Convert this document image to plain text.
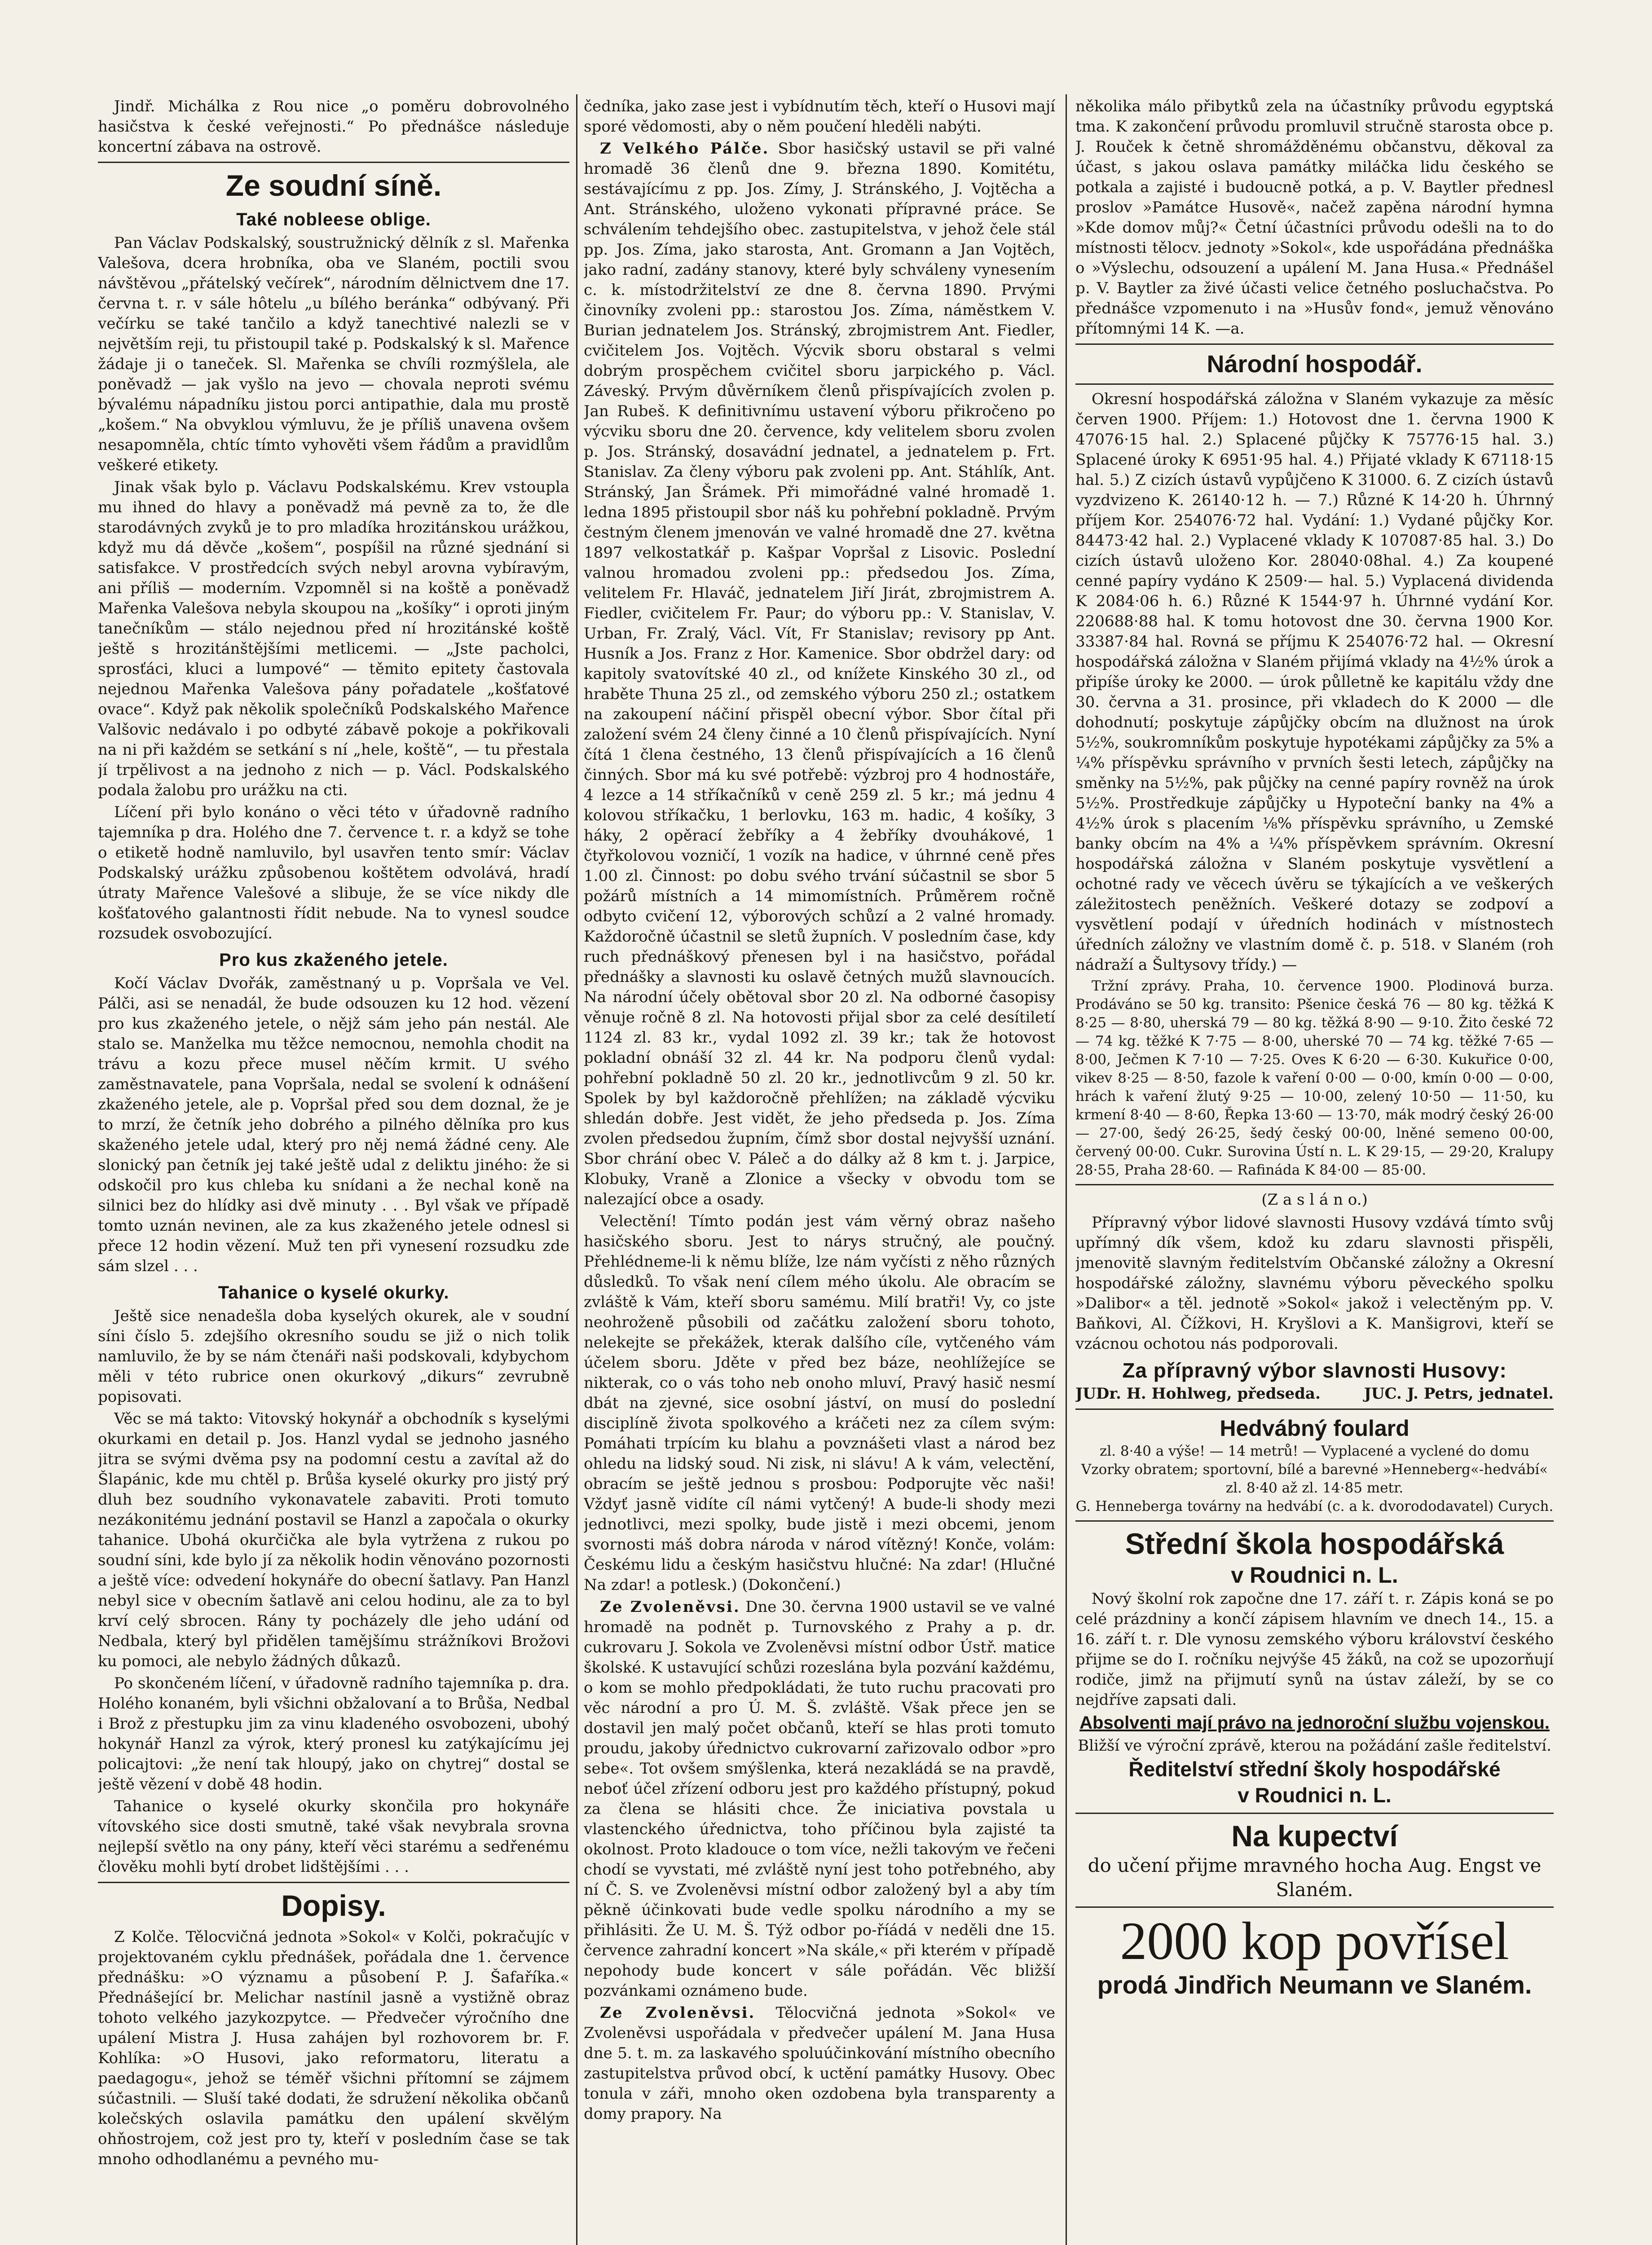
Jindř. Michálka z Rou nice „o poměru dobrovolného hasičstva k české veřejnosti.“ Po přednášce následuje koncertní zábava na ostrově.

Ze soudní síně.
Také nobleese oblige.

Pan Václav Podskalský, soustružnický dělník z sl. Mařenka Valešova, dcera hrobníka, oba ve Slaném, poctili svou návštěvou „přátelský večírek“, národním dělnictvem dne 17. června t. r. v sále hôtelu „u bílého beránka“ odbývaný. Při večírku se také tančilo a když tanechtivé nalezli se v největším reji, tu přistoupil také p. Podskalský k sl. Mařence žádaje ji o taneček. Sl. Mařenka se chvíli rozmýšlela, ale poněvadž — jak vyšlo na jevo — chovala neproti svému bývalému nápadníku jistou porci antipathie, dala mu prostě „košem.“ Na obvyklou výmluvu, že je příliš unavena ovšem nesapomněla, chtíc tímto vyhověti všem řádům a pravidlům veškeré etikety.

Jinak však bylo p. Václavu Podskalskému. Krev vstoupla mu ihned do hlavy a poněvadž má pevně za to, že dle starodávných zvyků je to pro mladíka hrozitánskou urážkou, když mu dá děvče „košem“, pospíšil na různé sjednání si satisfakce. V prostředcích svých nebyl arovna vybíravým, ani příliš — moderním. Vzpomněl si na koště a poněvadž Mařenka Valešova nebyla skoupou na „košíky“ i oproti jiným tanečníkům — stálo nejednou před ní hrozitánské koště ještě s hrozitánštějšími metlicemi. — „Jste pacholci, sprosťáci, kluci a lumpové“ — těmito epitety častovala nejednou Mařenka Valešova pány pořadatele „košťatové ovace“. Když pak několik společníků Podskalského Mařence Valšovic nedávalo i po odbyté zábavě pokoje a pokřikovali na ni při každém se setkání s ní „hele, koště“, — tu přestala jí trpělivost a na jednoho z nich — p. Václ. Podskalského podala žalobu pro urážku na cti.

Líčení při bylo konáno o věci této v úřadovně radního tajemníka p dra. Holého dne 7. července t. r. a když se tohe o etiketě hodně namluvilo, byl usavřen tento smír: Václav Podskalský urážku způsobenou koštětem odvolává, hradí útraty Mařence Valešové a slibuje, že se více nikdy dle košťatového galantnosti řídit nebude. Na to vynesl soudce rozsudek osvobozující.

Pro kus zkaženého jetele.

Kočí Václav Dvořák, zaměstnaný u p. Vopršala ve Vel. Pálči, asi se nenadál, že bude odsouzen ku 12 hod. vězení pro kus zkaženého jetele, o nějž sám jeho pán nestál. Ale stalo se. Manželka mu těžce nemocnou, nemohla chodit na trávu a kozu přece musel něčím krmit. U svého zaměstnavatele, pana Vopršala, nedal se svolení k odnášení zkaženého jetele, ale p. Vopršal před sou dem doznal, že je to mrzí, že četník jeho dobrého a pilného dělníka pro kus skaženého jetele udal, který pro něj nemá žádné ceny. Ale slonický pan četník jej také ještě udal z deliktu jiného: že si odskočil pro kus chleba ku snídani a že nechal koně na silnici bez do hlídky asi dvě minuty . . . Byl však ve případě tomto uznán nevinen, ale za kus zkaženého jetele odnesl si přece 12 hodin vězení. Muž ten při vynesení rozsudku zde sám slzel . . .

Tahanice o kyselé okurky.

Ještě sice nenadešla doba kyselých okurek, ale v soudní síni číslo 5. zdejšího okresního soudu se již o nich tolik namluvilo, že by se nám čtenáři naši podskovali, kdybychom měli v této rubrice onen okurkový „dikurs“ zevrubně popisovati.

Věc se má takto: Vitovský hokynář a obchodník s kyselými okurkami en detail p. Jos. Hanzl vydal se jednoho jasného jitra se svými dvěma psy na podomní cestu a zavítal až do Šlapánic, kde mu chtěl p. Brůša kyselé okurky pro jistý prý dluh bez soudního vykonavatele zabaviti. Proti tomuto nezákonitému jednání postavil se Hanzl a započala o okurky tahanice. Ubohá okurčička ale byla vytržena z rukou po soudní síni, kde bylo jí za několik hodin věnováno pozornosti a ještě více: odvedení hokynáře do obecní šatlavy. Pan Hanzl nebyl sice v obecním šatlavě ani celou hodinu, ale za to byl krví celý sbrocen. Rány ty pocházely dle jeho udání od Nedbala, který byl přidělen tamějšímu strážníkovi Brožovi ku pomoci, ale nebylo žádných důkazů.

Po skončeném líčení, v úřadovně radního tajemníka p. dra. Holého konaném, byli všichni obžalovaní a to Brůša, Nedbal i Brož z přestupku jim za vinu kladeného osvobozeni, ubohý hokynář Hanzl za výrok, který pronesl ku zatýkajícímu jej policajtovi: „že není tak hloupý, jako on chytrej“ dostal se ještě vězení v době 48 hodin.

Tahanice o kyselé okurky skončila pro hokynáře vítovského sice dosti smutně, také však nevybrala srovna nejlepší světlo na ony pány, kteří věci starému a sedřenému člověku mohli bytí drobet lidštějšími . . .

Dopisy.

Z Kolče. Tělocvičná jednota »Sokol« v Kolči, pokračujíc v projektovaném cyklu přednášek, pořádala dne 1. července přednášku: »O významu a působení P. J. Šafaříka.« Přednášející br. Melichar nastínil jasně a vystižně obraz tohoto velkého jazykozpytce. — Předvečer výročního dne upálení Mistra J. Husa zahájen byl rozhovorem br. F. Kohlíka: »O Husovi, jako reformatoru, literatu a paedagogu«, jehož se téměř všichni přítomní se zájmem súčastnili. — Sluší také dodati, že sdružení několika občanů kolečských oslavila památku den upálení skvělým ohňostrojem, což jest pro ty, kteří v posledním čase se tak mnoho odhodlanému a pevného mu-

čedníka, jako zase jest i vybídnutím těch, kteří o Husovi mají sporé vědomosti, aby o něm poučení hleděli nabýti.

Z Velkého Pálče. Sbor hasičský ustavil se při valné hromadě 36 členů dne 9. března 1890. Komitétu, sestávajícímu z pp. Jos. Zímy, J. Stránského, J. Vojtěcha a Ant. Stránského, uloženo vykonati přípravné práce. Se schválením tehdejšího obec. zastupitelstva, v jehož čele stál pp. Jos. Zíma, jako starosta, Ant. Gromann a Jan Vojtěch, jako radní, zadány stanovy, které byly schváleny vynesením c. k. místodržitelství ze dne 8. června 1890. Prvými činovníky zvoleni pp.: starostou Jos. Zíma, náměstkem V. Burian jednatelem Jos. Stránský, zbrojmistrem Ant. Fiedler, cvičitelem Jos. Vojtěch. Výcvik sboru obstaral s velmi dobrým prospěchem cvičitel sboru jarpického p. Václ. Záveský. Prvým důvěrníkem členů přispívajících zvolen p. Jan Rubeš. K definitivnímu ustavení výboru přikročeno po výcviku sboru dne 20. července, kdy velitelem sboru zvolen p. Jos. Stránský, dosavádní jednatel, a jednatelem p. Frt. Stanislav. Za členy výboru pak zvoleni pp. Ant. Stáhlík, Ant. Stránský, Jan Šrámek. Při mimořádné valné hromadě 1. ledna 1895 přistoupil sbor náš ku pohřební pokladně. Prvým čestným členem jmenován ve valné hromadě dne 27. května 1897 velkostatkář p. Kašpar Vopršal z Lisovic. Poslední valnou hromadou zvoleni pp.: předsedou Jos. Zíma, velitelem Fr. Hlaváč, jednatelem Jiří Jirát, zbrojmistrem A. Fiedler, cvičitelem Fr. Paur; do výboru pp.: V. Stanislav, V. Urban, Fr. Zralý, Václ. Vít, Fr Stanislav; revisory pp Ant. Husník a Jos. Franz z Hor. Kamenice. Sbor obdržel dary: od kapitoly svatovítské 40 zl., od knížete Kinského 30 zl., od hraběte Thuna 25 zl., od zemského výboru 250 zl.; ostatkem na zakoupení náčiní přispěl obecní výbor. Sbor čítal při založení svém 24 členy činné a 10 členů přispívajících. Nyní čítá 1 člena čestného, 13 členů přispívajících a 16 členů činných. Sbor má ku své potřebě: výzbroj pro 4 hodnostáře, 4 lezce a 14 stříkačníků v ceně 259 zl. 5 kr.; má jednu 4 kolovou stříkačku, 1 berlovku, 163 m. hadic, 4 košíky, 3 háky, 2 opěrací žebříky a 4 žebříky dvouhákové, 1 čtyřkolovou vozničí, 1 vozík na hadice, v úhrnné ceně přes 1.00 zl. Činnost: po dobu svého trvání súčastnil se sbor 5 požárů místních a 14 mimomístních. Průměrem ročně odbyto cvičení 12, výborových schůzí a 2 valné hromady. Každoročně účastnil se sletů župních. V posledním čase, kdy ruch přednáškový přenesen byl i na hasičstvo, pořádal přednášky a slavnosti ku oslavě četných mužů slavnoucích. Na národní účely obětoval sbor 20 zl. Na odborné časopisy věnuje ročně 8 zl. Na hotovosti přijal sbor za celé desítiletí 1124 zl. 83 kr., vydal 1092 zl. 39 kr.; tak že hotovost pokladní obnáší 32 zl. 44 kr. Na podporu členů vydal: pohřební pokladně 50 zl. 20 kr., jednotlivcům 9 zl. 50 kr. Spolek by byl každoročně přehlížen; na základě výcviku shledán dobře. Jest vidět, že jeho předseda p. Jos. Zíma zvolen předsedou župním, čímž sbor dostal nejvyšší uznání. Sbor chrání obec V. Páleč a do dálky až 8 km t. j. Jarpice, Klobuky, Vraně a Zlonice a všecky v obvodu tom se nalezající obce a osady.

Velectění! Tímto podán jest vám věrný obraz našeho hasičského sboru. Jest to nárys stručný, ale poučný. Přehlédneme-li k němu blíže, lze nám vyčísti z něho různých důsledků. To však není cílem mého úkolu. Ale obracím se zvláště k Vám, kteří sboru samému. Milí bratři! Vy, co jste neohroženě působili od začátku založení sboru tohoto, nelekejte se překážek, kterak dalšího cíle, vytčeného vám účelem sboru. Jděte v před bez báze, neohlížejíce se nikterak, co o vás toho neb onoho mluví, Pravý hasič nesmí dbát na zjevné, sice osobní jáství, on musí do poslední disciplíně života spolkového a kráčeti nez za cílem svým: Pomáhati trpícím ku blahu a povznášeti vlast a národ bez ohledu na lidský soud. Ni zisk, ni slávu! A k vám, velectění, obracím se ještě jednou s prosbou: Podporujte věc naši! Vždyť jasně vidíte cíl námi vytčený! A bude-li shody mezi jednotlivci, mezi spolky, bude jistě i mezi obcemi, jenom svornosti máš dobra národa v národ vítězný! Konče, volám: Českému lidu a českým hasičstvu hlučné: Na zdar! (Hlučné Na zdar! a potlesk.) (Dokončení.)

Ze Zvoleněvsi. Dne 30. června 1900 ustavil se ve valné hromadě na podnět p. Turnovského z Prahy a p. dr. cukrovaru J. Sokola ve Zvoleněvsi místní odbor Ústř. matice školské. K ustavující schůzi rozeslána byla pozvání každému, o kom se mohlo předpokládati, že tuto ruchu pracovati pro věc národní a pro Ú. M. Š. zvláště. Však přece jen se dostavil jen malý počet občanů, kteří se hlas proti tomuto proudu, jakoby úřednictvo cukrovarní zařizovalo odbor »pro sebe«. Tot ovšem smýšlenka, která nezakládá se na pravdě, neboť účel zřízení odboru jest pro každého přístupný, pokud za člena se hlásiti chce. Že iniciativa povstala u vlastenckého úřednictva, toho příčinou byla zajisté ta okolnost. Proto kladouce o tom více, nežli takovým ve řečeni chodí se vyvstati, mé zvláště nyní jest toho potřebného, aby ní Č. S. ve Zvoleněvsi místní odbor založený byl a aby tím pěkně účinkovati bude vedle spolku národního a my se přihlásiti. Že U. M. Š. Týž odbor po-říádá v neděli dne 15. července zahradní koncert »Na skále,« při kterém v případě nepohody bude koncert v sále pořádán. Věc bližší pozvánkami oznámeno bude.

Ze Zvoleněvsi. Tělocvičná jednota »Sokol« ve Zvoleněvsi uspořádala v předvečer upálení M. Jana Husa dne 5. t. m. za laskavého spoluúčinkování místního obecního zastupitelstva průvod obcí, k uctění památky Husovy. Obec tonula v záři, mnoho oken ozdobena byla transparenty a domy prapory. Na

několika málo přibytků zela na účastníky průvodu egyptská tma. K zakončení průvodu promluvil stručně starosta obce p. J. Rouček k četně shromážděnému občanstvu, děkoval za účast, s jakou oslava památky miláčka lidu českého se potkala a zajisté i budoucně potká, a p. V. Baytler přednesl proslov »Památce Husově«, načež zapěna národní hymna »Kde domov můj?« Četní účastníci průvodu odešli na to do místnosti tělocv. jednoty »Sokol«, kde uspořádána přednáška o »Výslechu, odsouzení a upálení M. Jana Husa.« Přednášel p. V. Baytler za živé účasti velice četného posluchačstva. Po přednášce vzpomenuto i na »Husův fond«, jemuž věnováno přítomnými 14 K. —a.

Národní hospodář.

Okresní hospodářská záložna v Slaném vykazuje za měsíc červen 1900. Příjem: 1.) Hotovost dne 1. června 1900 K 47076·15 hal. 2.) Splacené půjčky K 75776·15 hal. 3.) Splacené úroky K 6951·95 hal. 4.) Přijaté vklady K 67118·15 hal. 5.) Z cizích ústavů vypůjčeno K 31000. 6. Z cizích ústavů vyzdvizeno K. 26140·12 h. — 7.) Různé K 14·20 h. Úhrnný příjem Kor. 254076·72 hal. Vydání: 1.) Vydané půjčky Kor. 84473·42 hal. 2.) Vyplacené vklady K 107087·85 hal. 3.) Do cizích ústavů uloženo Kor. 28040·08hal. 4.) Za koupené cenné papíry vydáno K 2509·— hal. 5.) Vyplacená dividenda K 2084·06 h. 6.) Různé K 1544·97 h. Úhrnné vydání Kor. 220688·88 hal. K tomu hotovost dne 30. června 1900 Kor. 33387·84 hal. Rovná se příjmu K 254076·72 hal. — Okresní hospodářská záložna v Slaném přijímá vklady na 4½% úrok a připíše úroky ke 2000. — úrok půlletně ke kapitálu vždy dne 30. června a 31. prosince, při vkladech do K 2000 — dle dohodnutí; poskytuje zápůjčky obcím na dlužnost na úrok 5½%, soukromníkům poskytuje hypotékami zápůjčky za 5% a ¼% příspěvku správního v prvních šesti letech, zápůjčky na směnky na 5½%, pak půjčky na cenné papíry rovněž na úrok 5½%. Prostředkuje zápůjčky u Hypoteční banky na 4% a 4½% úrok s placením ⅛% příspěvku správního, u Zemské banky obcím na 4% a ¼% příspěvkem správním. Okresní hospodářská záložna v Slaném poskytuje vysvětlení a ochotné rady ve věcech úvěru se týkajících a ve veškerých záležitostech peněžních. Veškeré dotazy se zodpoví a vysvětlení podají v úředních hodinách v místnostech úředních záložny ve vlastním domě č. p. 518. v Slaném (roh nádraží a Šultysovy třídy.) —

Tržní zprávy. Praha, 10. července 1900. Plodinová burza. Prodáváno se 50 kg. transito: Pšenice česká 76 — 80 kg. těžká K 8·25 — 8·80, uherská 79 — 80 kg. těžká 8·90 — 9·10. Žito české 72 — 74 kg. těžké K 7·75 — 8·00, uherské 70 — 74 kg. těžké 7·65 — 8·00, Ječmen K 7·10 — 7·25. Oves K 6·20 — 6·30. Kukuřice 0·00, vikev 8·25 — 8·50, fazole k vaření 0·00 — 0·00, kmín 0·00 — 0·00, hrách k vaření žlutý 9·25 — 10·00, zelený 10·50 — 11·50, ku krmení 8·40 — 8·60, Řepka 13·60 — 13·70, mák modrý český 26·00 — 27·00, šedý 26·25, šedý český 00·00, lněné semeno 00·00, červený 00·00. Cukr. Surovina Ústí n. L. K 29·15, — 29·20, Kralupy 28·55, Praha 28·60. — Rafináda K 84·00 — 85·00.

(Z a s l á n o.)

Přípravný výbor lidové slavnosti Husovy vzdává tímto svůj upřímný dík všem, kdož ku zdaru slavnosti přispěli, jmenovitě slavným ředitelstvím Občanské záložny a Okresní hospodářské záložny, slavnému výboru pěveckého spolku »Dalibor« a těl. jednotě »Sokol« jakož i velectěným pp. V. Baňkovi, Al. Čížkovi, H. Kryšlovi a K. Manšigrovi, kteří se vzácnou ochotou nás podporovali.

Za přípravný výbor slavnosti Husovy:
JUDr. H. Hohlweg, předseda.	JUC. J. Petrs, jednatel.
Hedvábný foulard
zl. 8·40 a výše! — 14 metrů! — Vyplacené a vyclené do domu Vzorky obratem; sportovní, bílé a barevné »Henneberg«-hedvábí« zl. 8·40 až zl. 14·85 metr.
G. Henneberga továrny na hedvábí (c. a k. dvorododavatel) Curych.
Střední škola hospodářská
v Roudnici n. L.

Nový školní rok započne dne 17. září t. r. Zápis koná se po celé prázdniny a končí zápisem hlavním ve dnech 14., 15. a 16. září t. r. Dle vynosu zemského výboru království českého přijme se do I. ročníku nejvýše 45 žáků, na což se upozorňují rodiče, jimž na přijmutí synů na ústav záleží, by se co nejdříve zapsati dali.

Absolventi mají právo na jednoroční službu vojenskou.
Bližší ve výroční zprávě, kterou na požádání zašle ředitelství.
Ředitelství střední školy hospodářské
v Roudnici n. L.
Na kupectví
do učení přijme mravného hocha Aug. Engst ve Slaném.
2000 kop povřísel
prodá Jindřich Neumann ve Slaném.
